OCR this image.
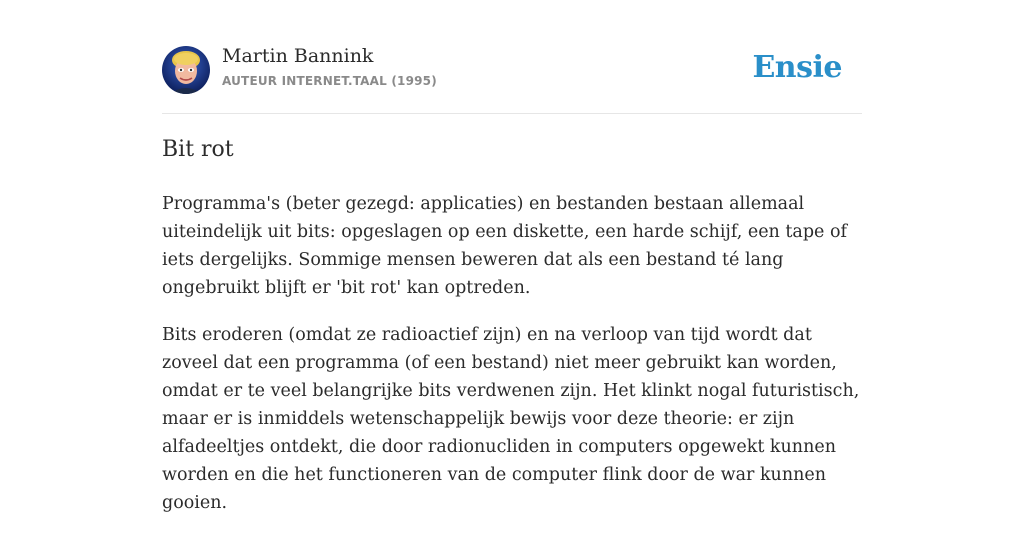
Martin Bannink
AUTEUR INTERNET.TAAL (1995)	Ensie
Bit rot

Programma's (beter gezegd: applicaties) en bestanden bestaan allemaal uiteindelijk uit bits: opgeslagen op een diskette, een harde schijf, een tape of iets dergelijks. Sommige mensen beweren dat als een bestand té lang ongebruikt blijft er 'bit rot' kan optreden.

Bits eroderen (omdat ze radioactief zijn) en na verloop van tijd wordt dat zoveel dat een programma (of een bestand) niet meer gebruikt kan worden, omdat er te veel belangrijke bits verdwenen zijn. Het klinkt nogal futuristisch, maar er is inmiddels wetenschappelijk bewijs voor deze theorie: er zijn alfadeeltjes ontdekt, die door radionucliden in computers opgewekt kunnen worden en die het functioneren van de computer flink door de war kunnen gooien.
